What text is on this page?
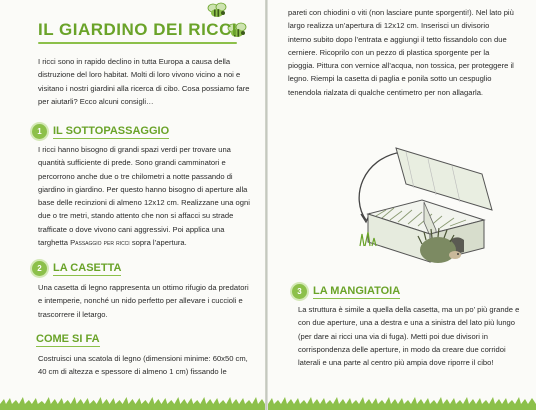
IL GIARDINO DEI RICCI

I ricci sono in rapido declino in tutta Europa a causa della distruzione del loro habitat. Molti di loro vivono vicino a noi e visitano i nostri giardini alla ricerca di cibo. Cosa possiamo fare per aiutarli? Ecco alcuni consigli…

1	IL SOTTOPASSAGGIO

I ricci hanno bisogno di grandi spazi verdi per trovare una quantità sufficiente di prede. Sono grandi camminatori e percorrono anche due o tre chilometri a notte passando di giardino in giardino. Per questo hanno bisogno di aperture alla base delle recinzioni di almeno 12x12 cm. Realizzane una ogni due o tre metri, stando attento che non si affacci su strade trafficate o dove vivono cani aggressivi. Poi applica una targhetta Passaggio per ricci sopra l’apertura.

2	LA CASETTA

Una casetta di legno rappresenta un ottimo rifugio da predatori e intemperie, nonché un nido perfetto per allevare i cuccioli e trascorrere il letargo.

COME SI FA

Costruisci una scatola di legno (dimensioni minime: 60x50 cm, 40 cm di altezza e spessore di almeno 1 cm) fissando le

pareti con chiodini o viti (non lasciare punte sporgenti!). Nel lato più largo realizza un’apertura di 12x12 cm. Inserisci un divisorio interno subito dopo l’entrata e aggiungi il tetto fissandolo con due cerniere. Ricoprilo con un pezzo di plastica sporgente per la pioggia. Pittura con vernice all’acqua, non tossica, per proteggere il legno. Riempi la casetta di paglia e ponila sotto un cespuglio tenendola rialzata di qualche centimetro per non allagarla.

3	LA MANGIATOIA

La struttura è simile a quella della casetta, ma un po’ più grande e con due aperture, una a destra e una a sinistra del lato più lungo (per dare ai ricci una via di fuga). Metti poi due divisori in corrispondenza delle aperture, in modo da creare due corridoi laterali e una parte al centro più ampia dove riporre il cibo!
